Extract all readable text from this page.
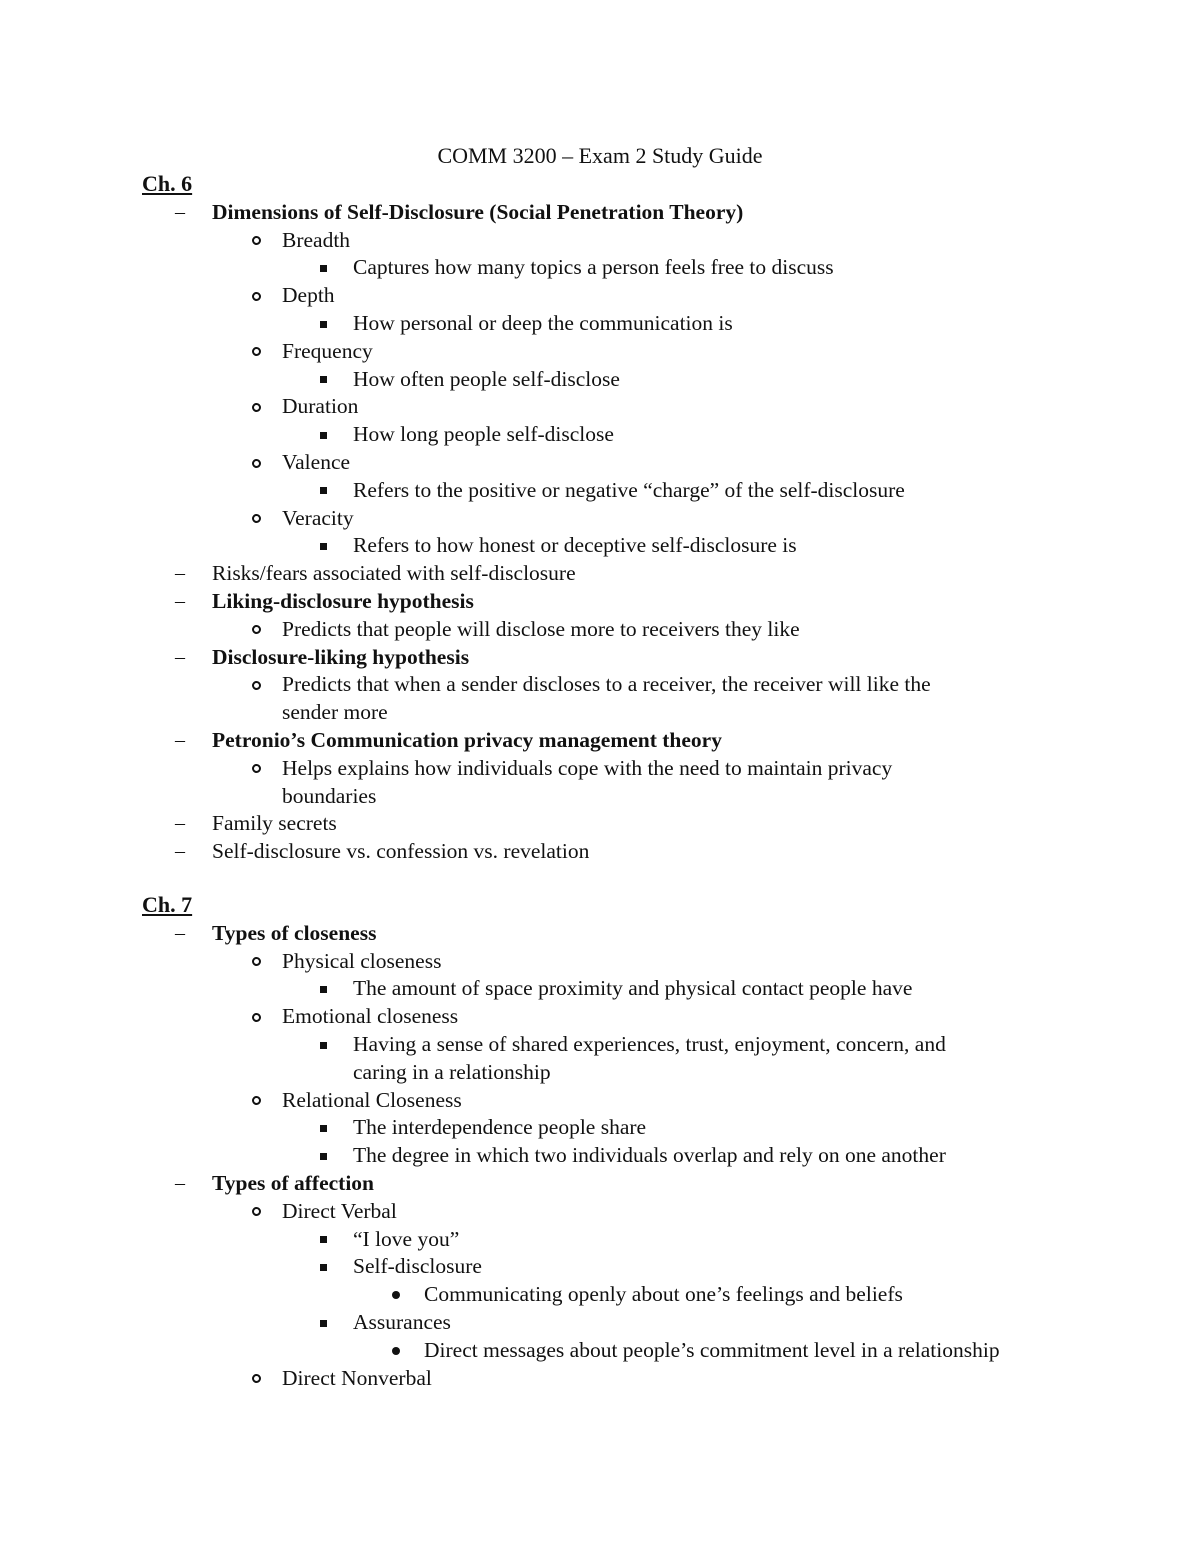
COMM 3200 – Exam 2 Study Guide
Ch. 6
– Dimensions of Self-Disclosure (Social Penetration Theory)
Breadth
Captures how many topics a person feels free to discuss
Depth
How personal or deep the communication is
Frequency
How often people self-disclose
Duration
How long people self-disclose
Valence
Refers to the positive or negative “charge” of the self-disclosure
Veracity
Refers to how honest or deceptive self-disclosure is
– Risks/fears associated with self-disclosure
– Liking-disclosure hypothesis
Predicts that people will disclose more to receivers they like
– Disclosure-liking hypothesis
Predicts that when a sender discloses to a receiver, the receiver will like the
sender more
– Petronio’s Communication privacy management theory
Helps explains how individuals cope with the need to maintain privacy
boundaries
– Family secrets
– Self-disclosure vs. confession vs. revelation
Ch. 7
– Types of closeness
Physical closeness
The amount of space proximity and physical contact people have
Emotional closeness
Having a sense of shared experiences, trust, enjoyment, concern, and
caring in a relationship
Relational Closeness
The interdependence people share
The degree in which two individuals overlap and rely on one another
– Types of affection
Direct Verbal
“I love you”
Self-disclosure
Communicating openly about one’s feelings and beliefs
Assurances
Direct messages about people’s commitment level in a relationship
Direct Nonverbal
